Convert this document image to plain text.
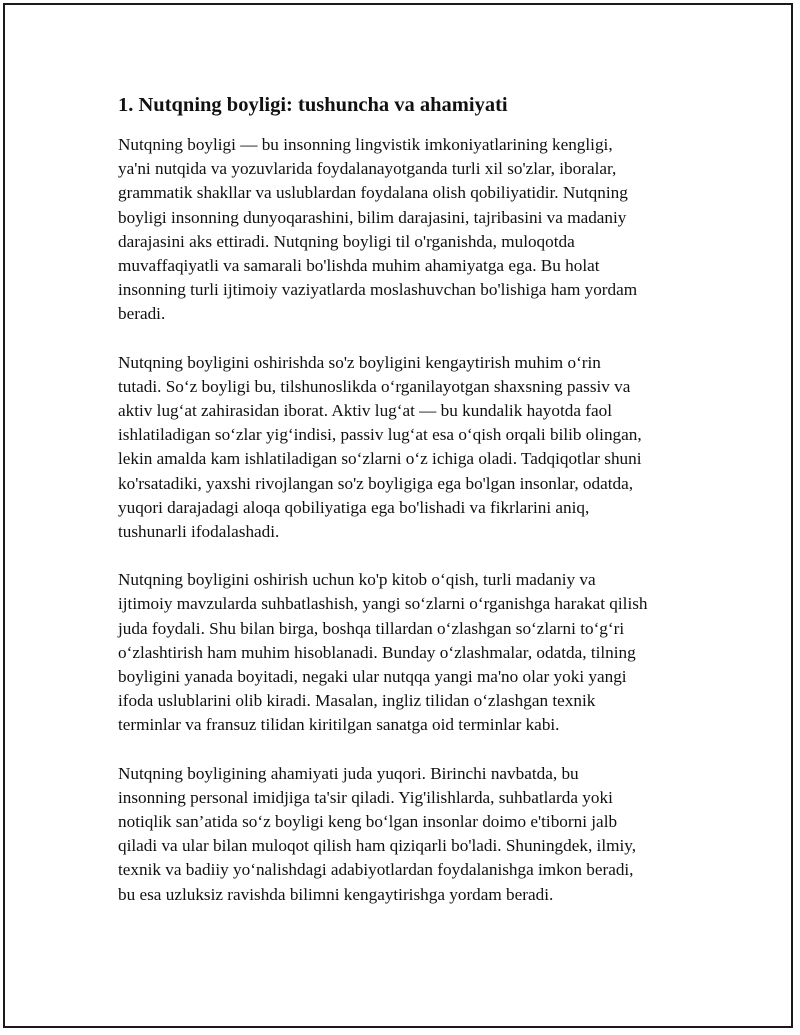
1. Nutqning boyligi: tushuncha va ahamiyati

Nutqning boyligi — bu insonning lingvistik imkoniyatlarining kengligi,
ya'ni nutqida va yozuvlarida foydalanayotganda turli xil so'zlar, iboralar,
grammatik shakllar va uslublardan foydalana olish qobiliyatidir. Nutqning
boyligi insonning dunyoqarashini, bilim darajasini, tajribasini va madaniy
darajasini aks ettiradi. Nutqning boyligi til o'rganishda, muloqotda
muvaffaqiyatli va samarali bo'lishda muhim ahamiyatga ega. Bu holat
insonning turli ijtimoiy vaziyatlarda moslashuvchan bo'lishiga ham yordam
beradi.

Nutqning boyligini oshirishda so'z boyligini kengaytirish muhim o‘rin
tutadi. So‘z boyligi bu, tilshunoslikda o‘rganilayotgan shaxsning passiv va
aktiv lug‘at zahirasidan iborat. Aktiv lug‘at — bu kundalik hayotda faol
ishlatiladigan so‘zlar yig‘indisi, passiv lug‘at esa o‘qish orqali bilib olingan,
lekin amalda kam ishlatiladigan so‘zlarni o‘z ichiga oladi. Tadqiqotlar shuni
ko'rsatadiki, yaxshi rivojlangan so'z boyligiga ega bo'lgan insonlar, odatda,
yuqori darajadagi aloqa qobiliyatiga ega bo'lishadi va fikrlarini aniq,
tushunarli ifodalashadi.

Nutqning boyligini oshirish uchun ko'p kitob o‘qish, turli madaniy va
ijtimoiy mavzularda suhbatlashish, yangi so‘zlarni o‘rganishga harakat qilish
juda foydali. Shu bilan birga, boshqa tillardan o‘zlashgan so‘zlarni to‘g‘ri
o‘zlashtirish ham muhim hisoblanadi. Bunday o‘zlashmalar, odatda, tilning
boyligini yanada boyitadi, negaki ular nutqqa yangi ma'no olar yoki yangi
ifoda uslublarini olib kiradi. Masalan, ingliz tilidan o‘zlashgan texnik
terminlar va fransuz tilidan kiritilgan sanatga oid terminlar kabi.

Nutqning boyligining ahamiyati juda yuqori. Birinchi navbatda, bu
insonning personal imidjiga ta'sir qiladi. Yig'ilishlarda, suhbatlarda yoki
notiqlik san’atida so‘z boyligi keng bo‘lgan insonlar doimo e'tiborni jalb
qiladi va ular bilan muloqot qilish ham qiziqarli bo'ladi. Shuningdek, ilmiy,
texnik va badiiy yo‘nalishdagi adabiyotlardan foydalanishga imkon beradi,
bu esa uzluksiz ravishda bilimni kengaytirishga yordam beradi.
